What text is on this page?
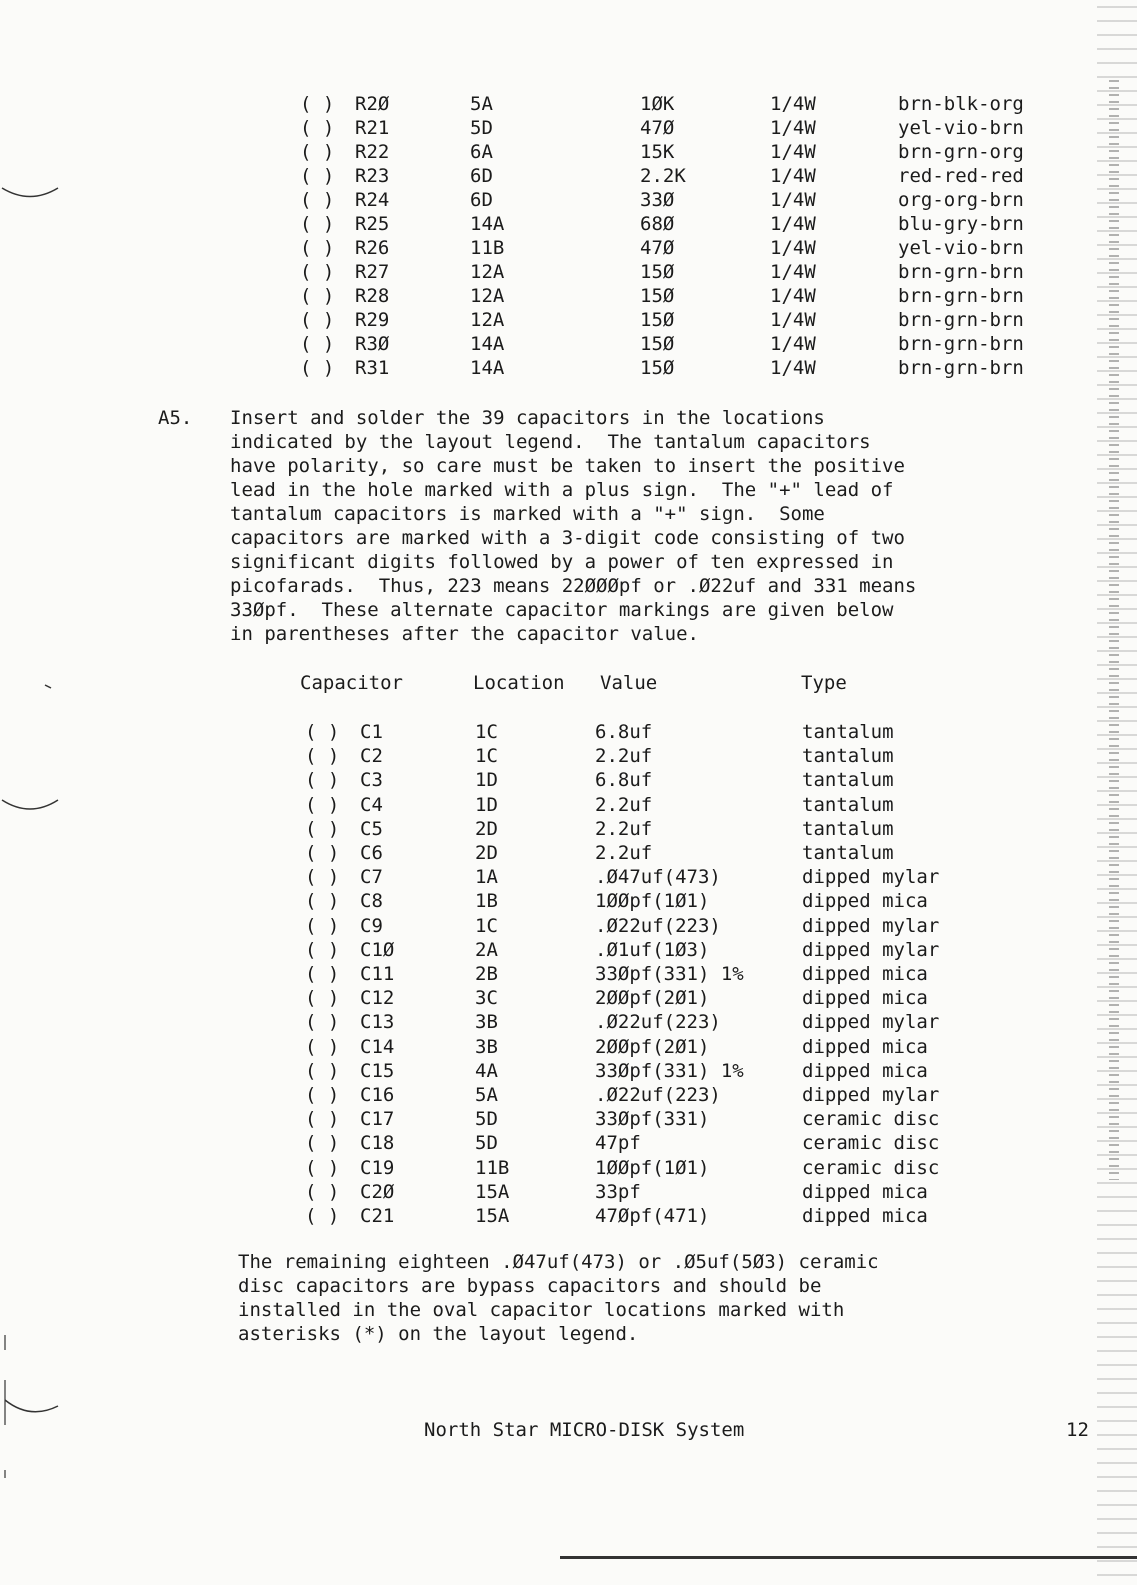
( ) R2Ø	5A	1ØK	1/4W	brn-blk-org
( ) R21	5D	47Ø	1/4W	yel-vio-brn
( ) R22	6A	15K	1/4W	brn-grn-org
( ) R23	6D	2.2K	1/4W	red-red-red
( ) R24	6D	33Ø	1/4W	org-org-brn
( ) R25	14A	68Ø	1/4W	blu-gry-brn
( ) R26	11B	47Ø	1/4W	yel-vio-brn
( ) R27	12A	15Ø	1/4W	brn-grn-brn
( ) R28	12A	15Ø	1/4W	brn-grn-brn
( ) R29	12A	15Ø	1/4W	brn-grn-brn
( ) R3Ø	14A	15Ø	1/4W	brn-grn-brn
( ) R31	14A	15Ø	1/4W	brn-grn-brn
A5. Insert and solder the 39 capacitors in the locations
indicated by the layout legend.  The tantalum capacitors
have polarity, so care must be taken to insert the positive
lead in the hole marked with a plus sign.  The "+" lead of
tantalum capacitors is marked with a "+" sign.  Some
capacitors are marked with a 3-digit code consisting of two
significant digits followed by a power of ten expressed in
picofarads.  Thus, 223 means 22ØØØpf or .Ø22uf and 331 means
33Øpf.  These alternate capacitor markings are given below
in parentheses after the capacitor value.
Capacitor	Location Value	Type
( ) C1	1C	6.8uf	tantalum
( ) C2	1C	2.2uf	tantalum
( ) C3	1D	6.8uf	tantalum
( ) C4	1D	2.2uf	tantalum
( ) C5	2D	2.2uf	tantalum
( ) C6	2D	2.2uf	tantalum
( ) C7	1A	.Ø47uf(473)	dipped mylar
( ) C8	1B	1ØØpf(1Ø1)	dipped mica
( ) C9	1C	.Ø22uf(223)	dipped mylar
( ) C1Ø	2A	.Ø1uf(1Ø3)	dipped mylar
( ) C11	2B	33Øpf(331) 1%	dipped mica
( ) C12	3C	2ØØpf(2Ø1)	dipped mica
( ) C13	3B	.Ø22uf(223)	dipped mylar
( ) C14	3B	2ØØpf(2Ø1)	dipped mica
( ) C15	4A	33Øpf(331) 1%	dipped mica
( ) C16	5A	.Ø22uf(223)	dipped mylar
( ) C17	5D	33Øpf(331)	ceramic disc
( ) C18	5D	47pf	ceramic disc
( ) C19	11B	1ØØpf(1Ø1)	ceramic disc
( ) C2Ø	15A	33pf	dipped mica
( ) C21	15A	47Øpf(471)	dipped mica
The remaining eighteen .Ø47uf(473) or .Ø5uf(5Ø3) ceramic
disc capacitors are bypass capacitors and should be
installed in the oval capacitor locations marked with
asterisks (*) on the layout legend.
North Star MICRO-DISK System	12
